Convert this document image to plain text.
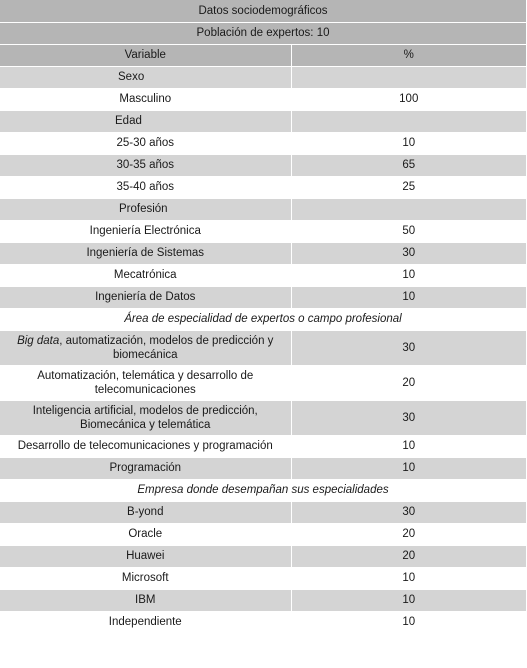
Datos sociodemográficos	
Población de expertos: 10	
Variable	%
Sexo	
Masculino	100
Edad	
25-30 años	10
30-35 años	65
35-40 años	25
Profesión	
Ingeniería Electrónica	50
Ingeniería de Sistemas	30
Mecatrónica	10
Ingeniería de Datos	10
Área de especialidad de expertos o campo profesional	
Big data, automatización, modelos de predicción y biomecánica	30
Automatización, telemática y desarrollo de telecomunicaciones	20
Inteligencia artificial, modelos de predicción, Biomecánica y telemática	30
Desarrollo de telecomunicaciones y programación	10
Programación	10
Empresa donde desempañan sus especialidades	
B-yond	30
Oracle	20
Huawei	20
Microsoft	10
IBM	10
Independiente	10
